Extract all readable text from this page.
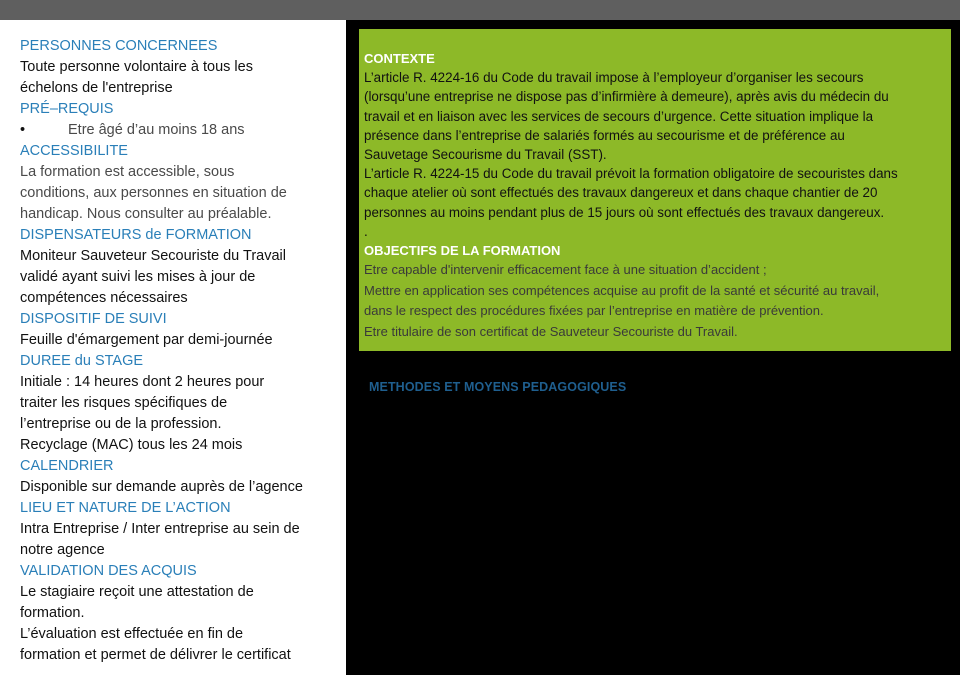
PERSONNES CONCERNEES

Toute personne volontaire à tous les

échelons de l'entreprise

PRÉ–REQUIS

•	Etre âgé d’au moins 18 ans

ACCESSIBILITE

La formation est accessible, sous

conditions, aux personnes en situation de

handicap. Nous consulter au préalable.

DISPENSATEURS de FORMATION

Moniteur Sauveteur Secouriste du Travail

validé ayant suivi les mises à jour de

compétences nécessaires

DISPOSITIF DE SUIVI

Feuille d'émargement par demi-journée

DUREE du STAGE

Initiale : 14 heures dont 2 heures pour

traiter les risques spécifiques de

l’entreprise ou de la profession.

Recyclage (MAC) tous les 24 mois

CALENDRIER

Disponible sur demande auprès de l’agence

LIEU ET NATURE DE L’ACTION

Intra Entreprise / Inter entreprise au sein de

notre agence

VALIDATION DES ACQUIS

Le stagiaire reçoit une attestation de

formation.

L’évaluation est effectuée en fin de

formation et permet de délivrer le certificat

CONTEXTE

L’article R. 4224-16 du Code du travail impose à l’employeur d’organiser les secours

(lorsqu’une entreprise ne dispose pas d’infirmière à demeure), après avis du médecin du

travail et en liaison avec les services de secours d’urgence. Cette situation implique la

présence dans l’entreprise de salariés formés au secourisme et de préférence au

Sauvetage Secourisme du Travail (SST).

L’article R. 4224-15 du Code du travail prévoit la formation obligatoire de secouristes dans

chaque atelier où sont effectués des travaux dangereux et dans chaque chantier de 20

personnes au moins pendant plus de 15 jours où sont effectués des travaux dangereux.

.

OBJECTIFS DE LA FORMATION

Etre capable d'intervenir efficacement face à une situation d’accident ;

Mettre en application ses compétences acquise au profit de la santé et sécurité au travail,

dans le respect des procédures fixées par l’entreprise en matière de prévention.

Etre titulaire de son certificat de Sauveteur Secouriste du Travail.

METHODES ET MOYENS PEDAGOGIQUES
